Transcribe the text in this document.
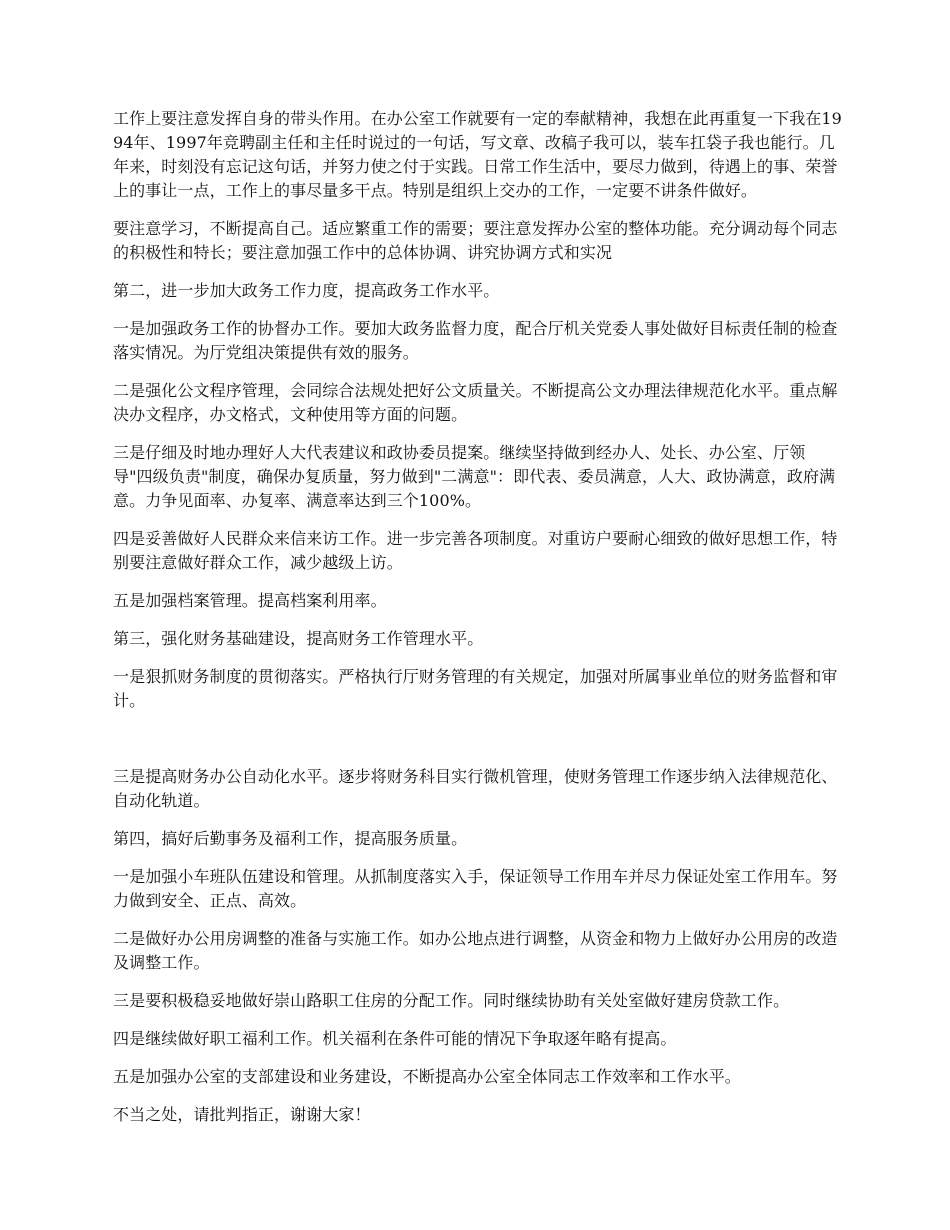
工作上要注意发挥自身的带头作用。在办公室工作就要有一定的奉献精神，我想在此再重复一下我在1994年、1997年竞聘副主任和主任时说过的一句话，写文章、改稿子我可以，装车扛袋子我也能行。几年来，时刻没有忘记这句话，并努力使之付于实践。日常工作生活中，要尽力做到，待遇上的事、荣誉上的事让一点，工作上的事尽量多干点。特别是组织上交办的工作，一定要不讲条件做好。

要注意学习，不断提高自己。适应繁重工作的需要；要注意发挥办公室的整体功能。充分调动每个同志的积极性和特长；要注意加强工作中的总体协调、讲究协调方式和实况

第二，进一步加大政务工作力度，提高政务工作水平。

一是加强政务工作的协督办工作。要加大政务监督力度，配合厅机关党委人事处做好目标责任制的检查落实情况。为厅党组决策提供有效的服务。

二是强化公文程序管理，会同综合法规处把好公文质量关。不断提高公文办理法律规范化水平。重点解决办文程序，办文格式，文种使用等方面的问题。

三是仔细及时地办理好人大代表建议和政协委员提案。继续坚持做到经办人、处长、办公室、厅领导"四级负责"制度，确保办复质量，努力做到"二满意"：即代表、委员满意，人大、政协满意，政府满意。力争见面率、办复率、满意率达到三个100%。

四是妥善做好人民群众来信来访工作。进一步完善各项制度。对重访户要耐心细致的做好思想工作，特别要注意做好群众工作，减少越级上访。

五是加强档案管理。提高档案利用率。

第三，强化财务基础建设，提高财务工作管理水平。

一是狠抓财务制度的贯彻落实。严格执行厅财务管理的有关规定，加强对所属事业单位的财务监督和审计。

三是提高财务办公自动化水平。逐步将财务科目实行微机管理，使财务管理工作逐步纳入法律规范化、自动化轨道。

第四，搞好后勤事务及福利工作，提高服务质量。

一是加强小车班队伍建设和管理。从抓制度落实入手，保证领导工作用车并尽力保证处室工作用车。努力做到安全、正点、高效。

二是做好办公用房调整的准备与实施工作。如办公地点进行调整，从资金和物力上做好办公用房的改造及调整工作。

三是要积极稳妥地做好崇山路职工住房的分配工作。同时继续协助有关处室做好建房贷款工作。

四是继续做好职工福利工作。机关福利在条件可能的情况下争取逐年略有提高。

五是加强办公室的支部建设和业务建设，不断提高办公室全体同志工作效率和工作水平。

不当之处，请批判指正，谢谢大家！
